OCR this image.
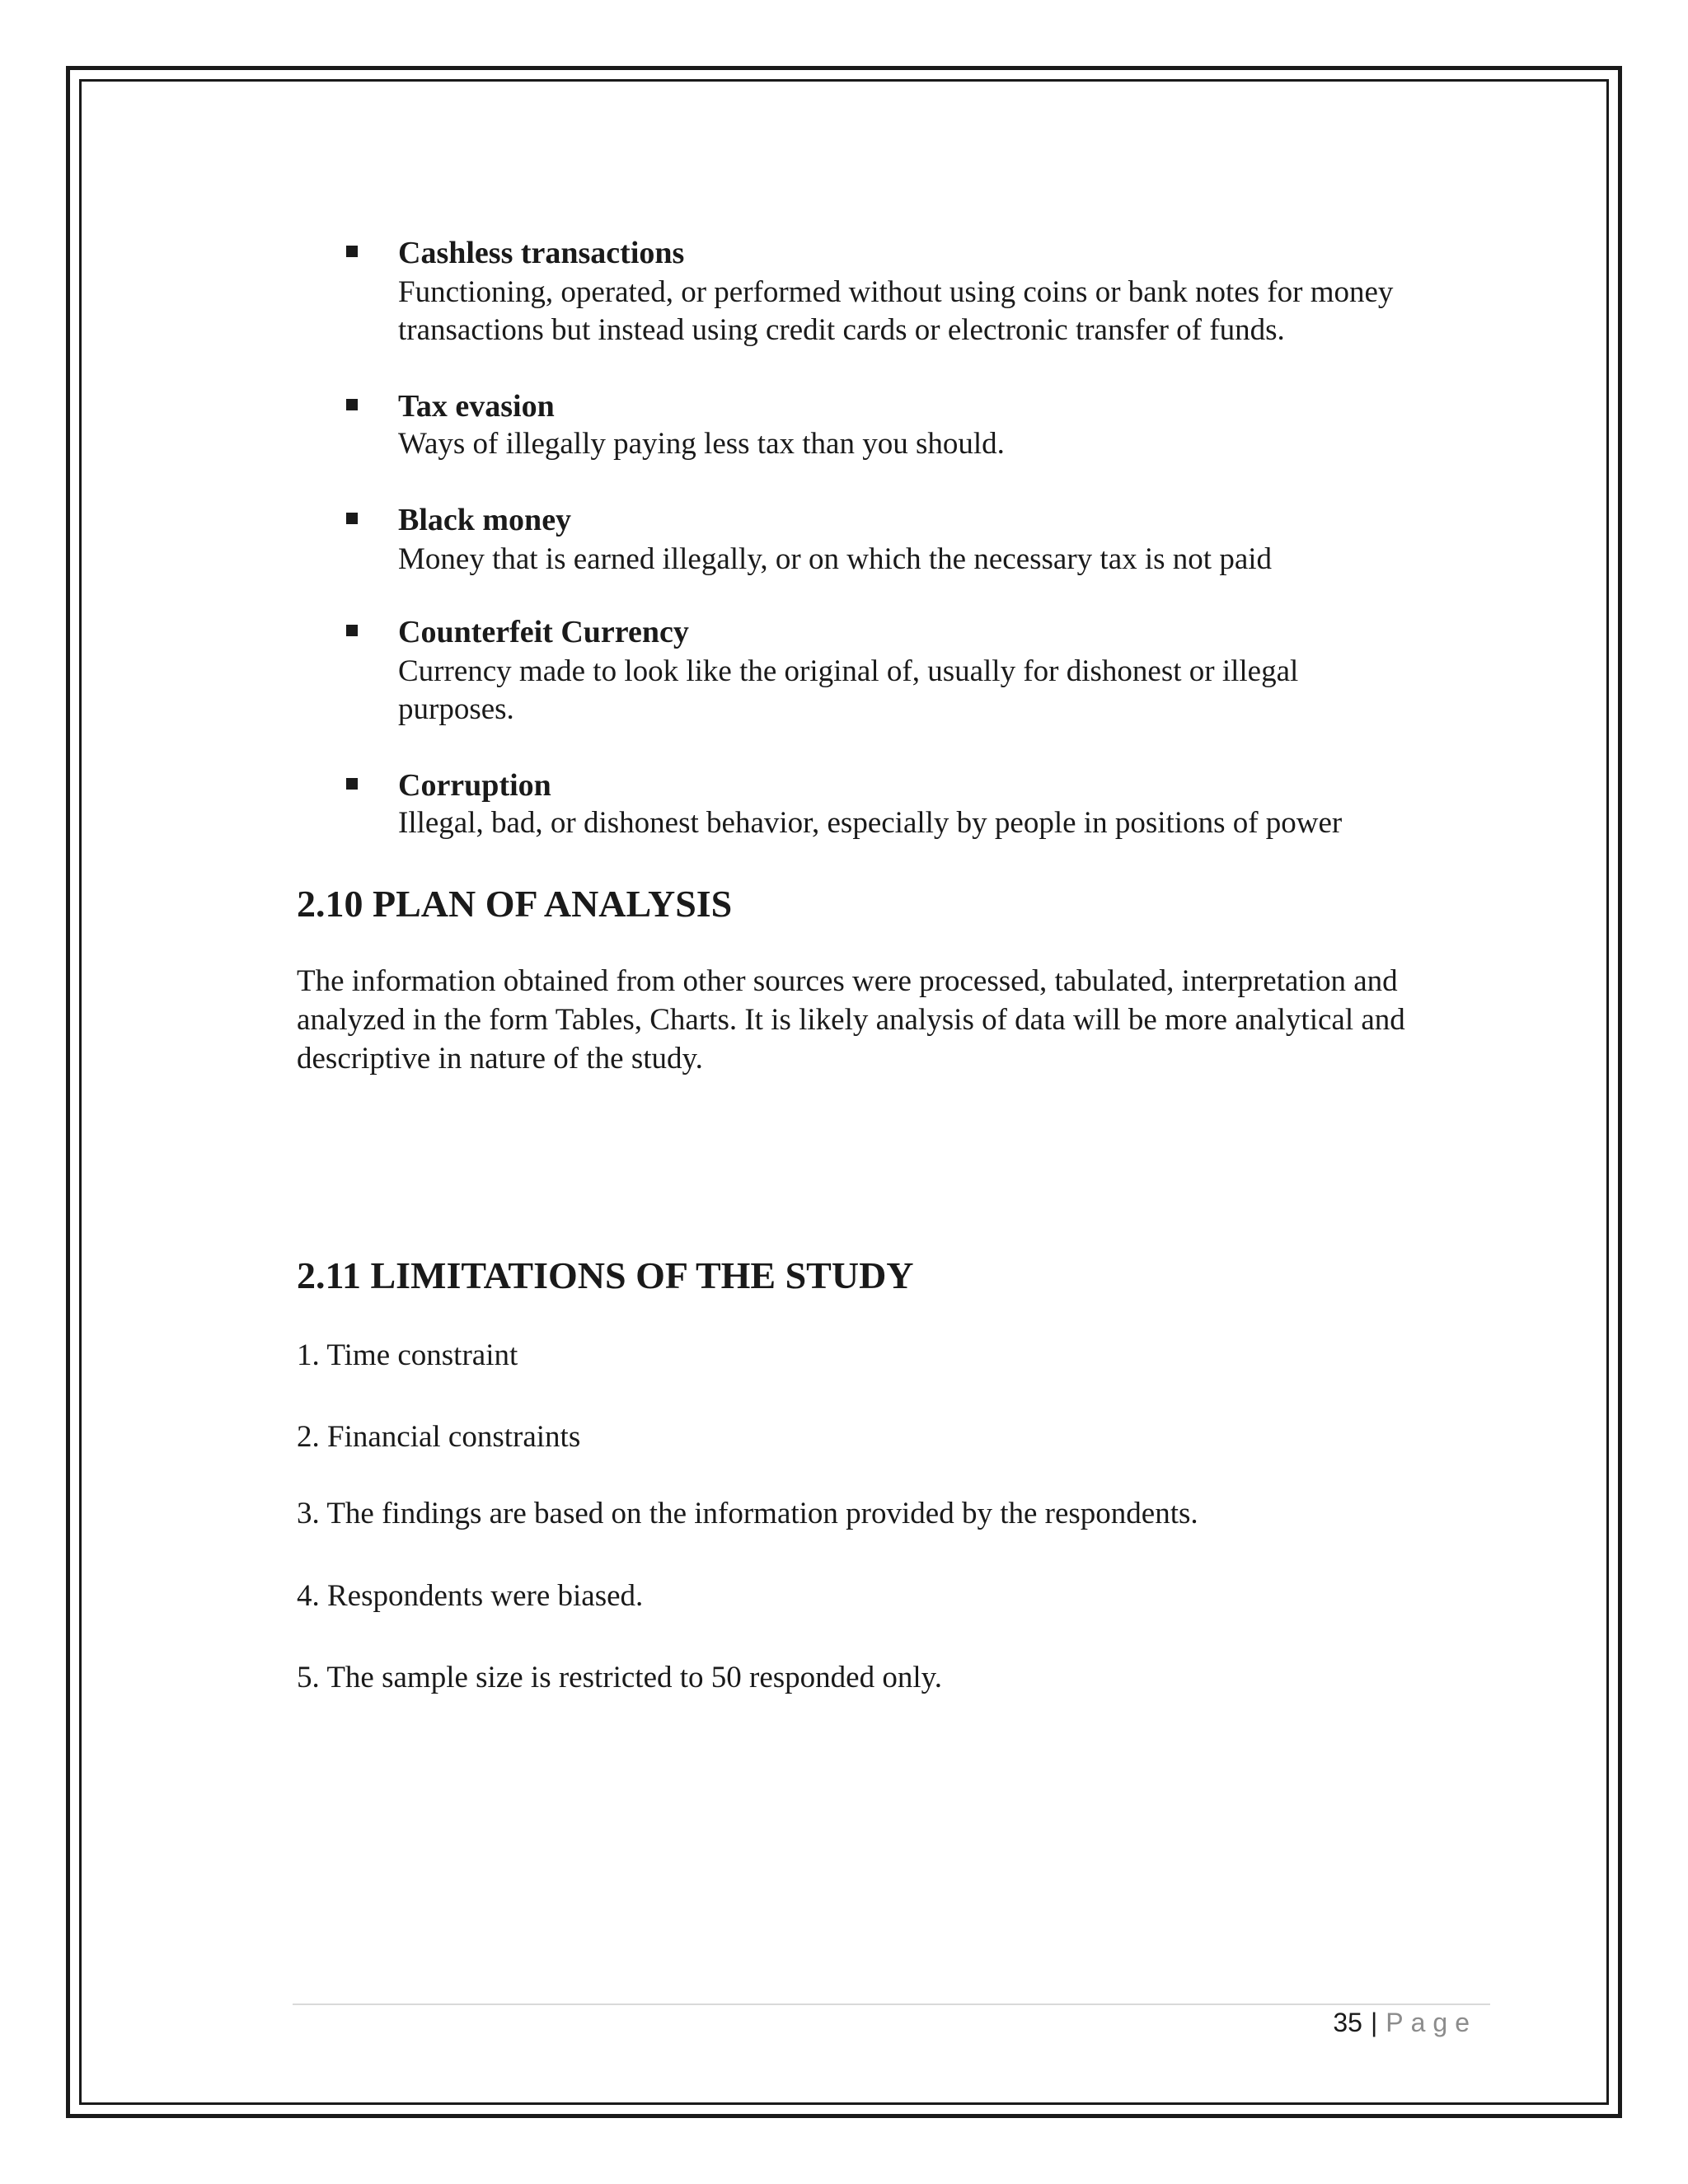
Cashless transactions
Functioning, operated, or performed without using coins or bank notes for money transactions but instead using credit cards or electronic transfer of funds.
Tax evasion
Ways of illegally paying less tax than you should.
Black money
Money that is earned illegally, or on which the necessary tax is not paid
Counterfeit Currency
Currency made to look like the original of, usually for dishonest or illegal purposes.
Corruption
Illegal, bad, or dishonest behavior, especially by people in positions of power
2.10 PLAN OF ANALYSIS
The information obtained from other sources were processed, tabulated, interpretation and analyzed in the form Tables, Charts. It is likely analysis of data will be more analytical and descriptive in nature of the study.
2.11 LIMITATIONS OF THE STUDY
1. Time constraint
2. Financial constraints
3. The findings are based on the information provided by the respondents.
4. Respondents were biased.
5. The sample size is restricted to 50 responded only.
35 | Page
